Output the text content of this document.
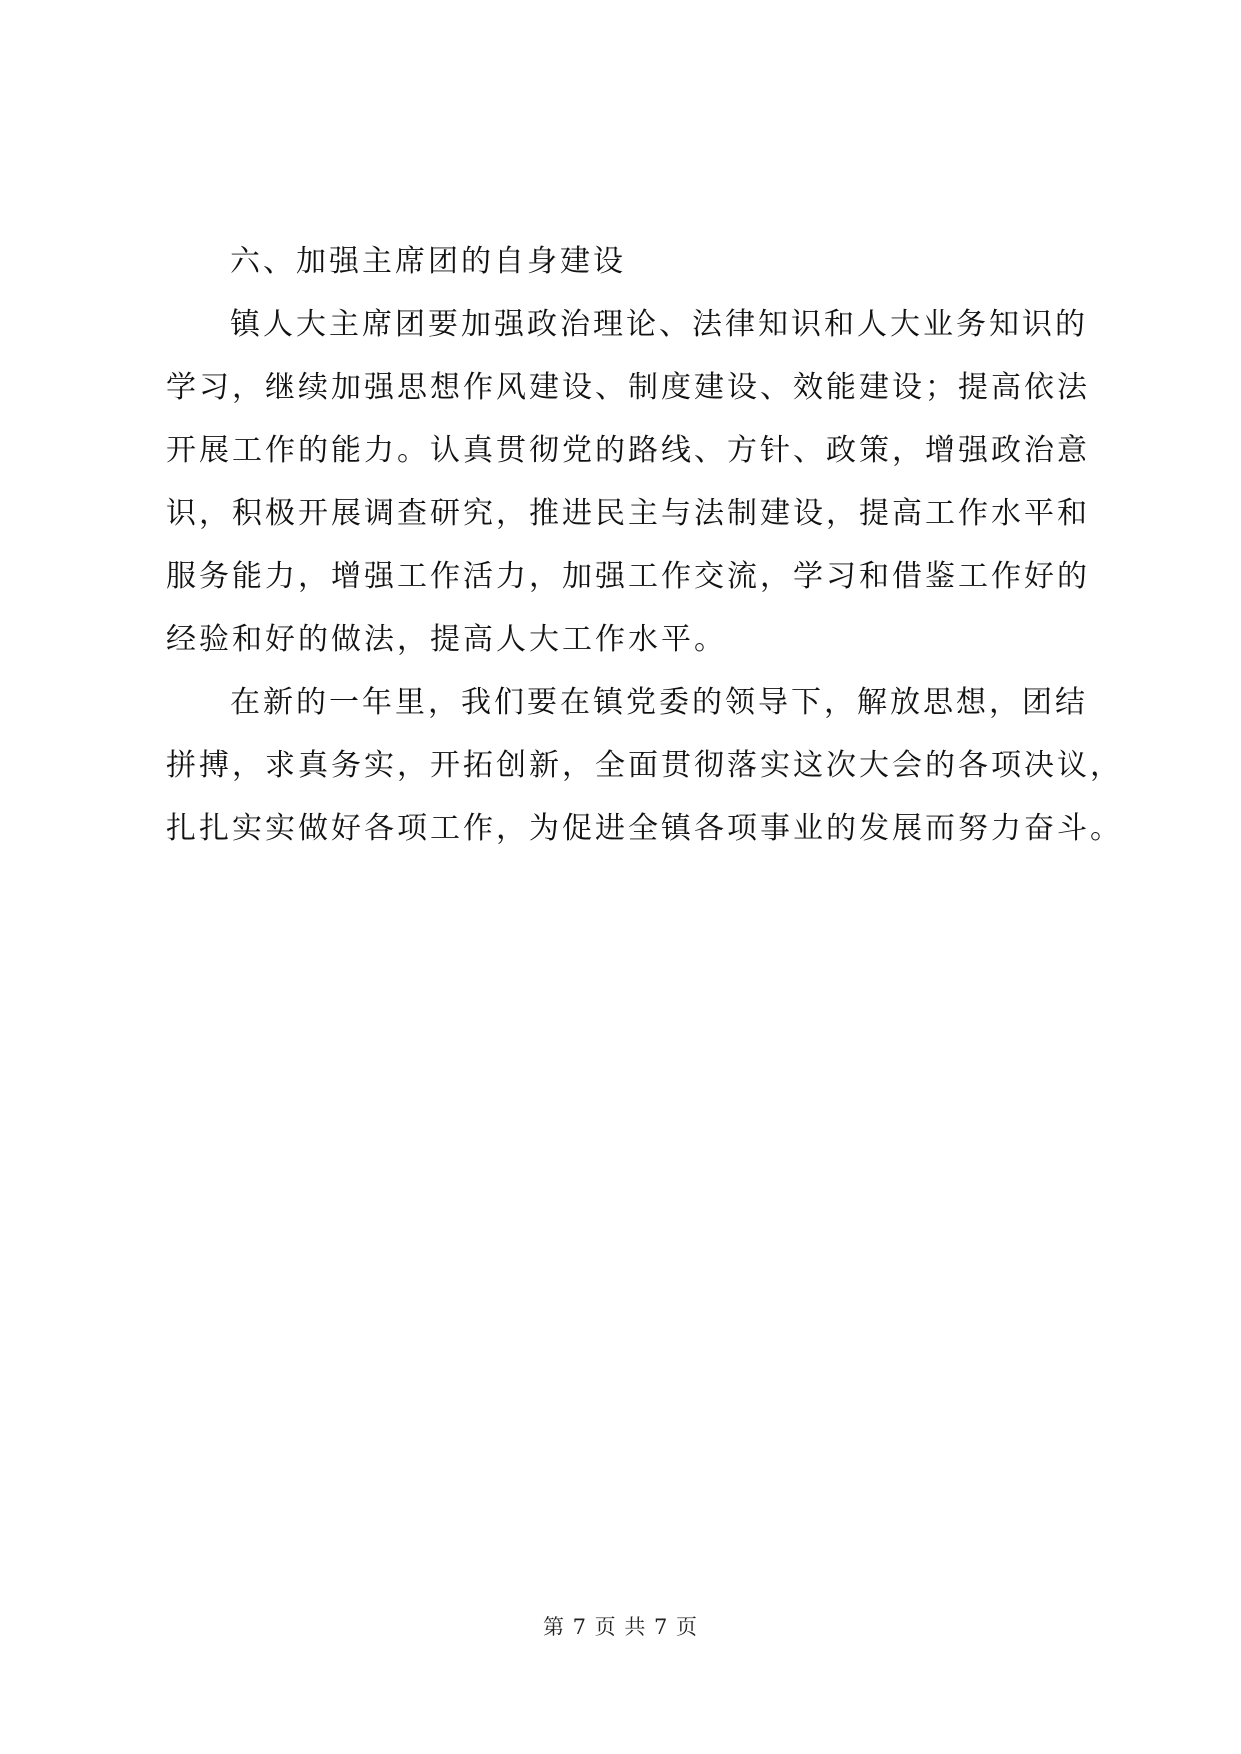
六、加强主席团的自身建设

镇人大主席团要加强政治理论、法律知识和人大业务知识的
学习，继续加强思想作风建设、制度建设、效能建设；提高依法
开展工作的能力。认真贯彻党的路线、方针、政策，增强政治意
识，积极开展调查研究，推进民主与法制建设，提高工作水平和
服务能力，增强工作活力，加强工作交流，学习和借鉴工作好的
经验和好的做法，提高人大工作水平。
在新的一年里，我们要在镇党委的领导下，解放思想，团结
拼搏，求真务实，开拓创新，全面贯彻落实这次大会的各项决议，
扎扎实实做好各项工作，为促进全镇各项事业的发展而努力奋斗。
第 7 页 共 7 页
